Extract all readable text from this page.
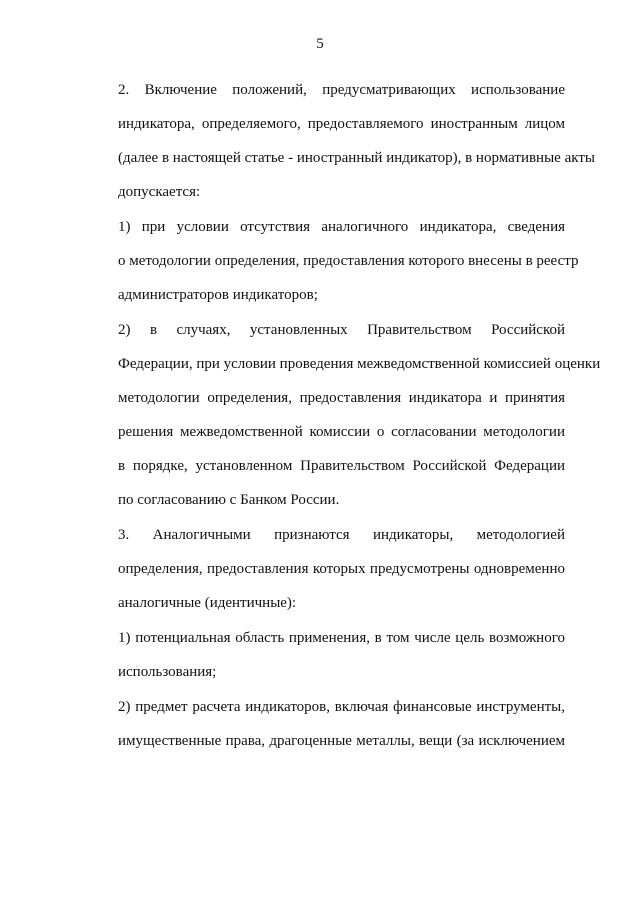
5

2. Включение положений, предусматривающих использование
индикатора, определяемого, предоставляемого иностранным лицом
(далее в настоящей статье - иностранный индикатор), в нормативные акты
допускается:

1) при условии отсутствия аналогичного индикатора, сведения
о методологии определения, предоставления которого внесены в реестр
администраторов индикаторов;

2) в случаях, установленных Правительством Российской
Федерации, при условии проведения межведомственной комиссией оценки
методологии определения, предоставления индикатора и принятия
решения межведомственной комиссии о согласовании методологии
в порядке, установленном Правительством Российской Федерации
по согласованию с Банком России.

3. Аналогичными признаются индикаторы, методологией
определения, предоставления которых предусмотрены одновременно
аналогичные (идентичные):

1) потенциальная область применения, в том числе цель возможного
использования;

2) предмет расчета индикаторов, включая финансовые инструменты,
имущественные права, драгоценные металлы, вещи (за исключением
